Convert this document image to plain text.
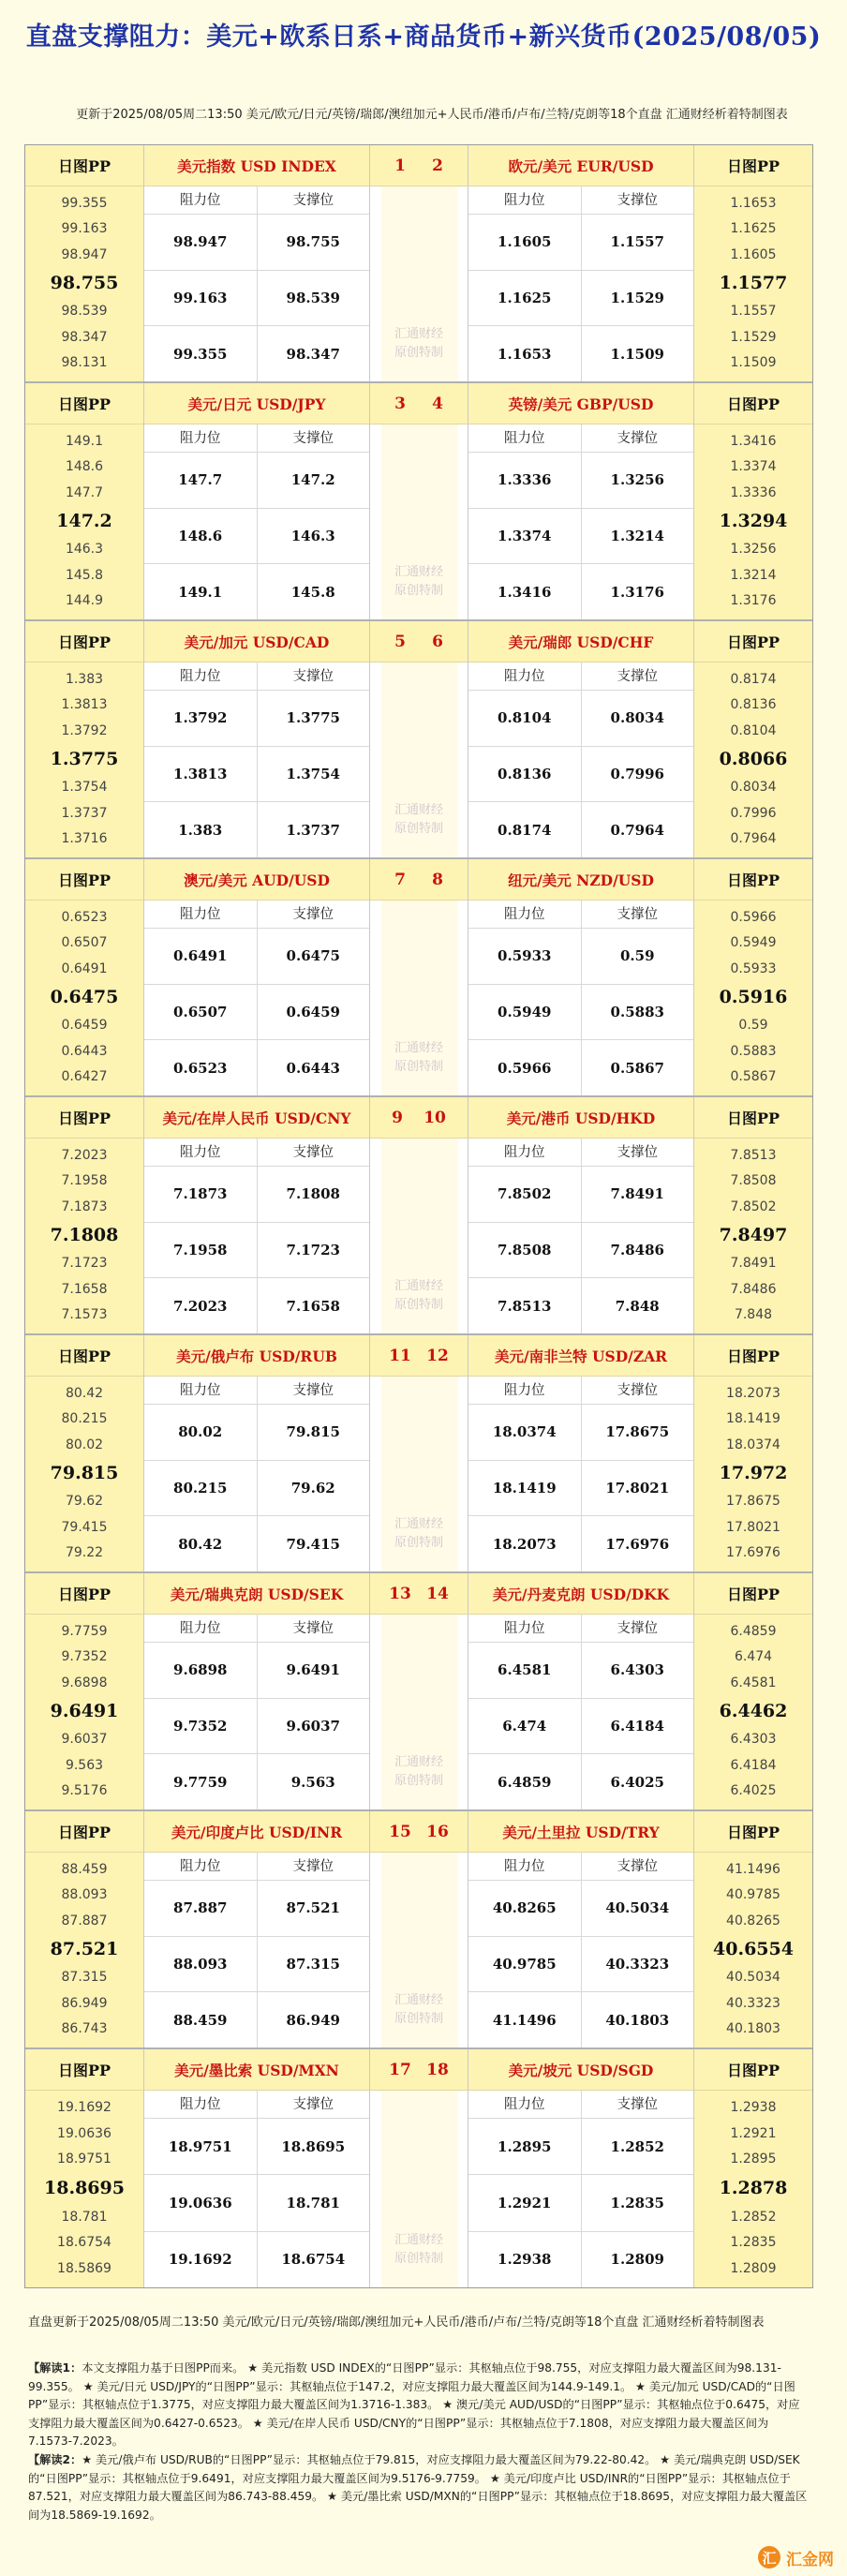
直盘支撑阻力：美元+欧系日系+商品货币+新兴货币(2025/08/05)
更新于2025/08/05周二13:50 美元/欧元/日元/英镑/瑞郎/澳纽加元+人民币/港币/卢布/兰特/克朗等18个直盘 汇通财经析着特制图表
日图PP
99.355
99.163
98.947
98.755
98.539
98.347
98.131
美元指数 USD INDEX
阻力位	支撑位
98.947	98.755
99.163	98.539
99.355	98.347
1 2
汇通财经
原创特制
欧元/美元 EUR/USD
阻力位	支撑位
1.1605	1.1557
1.1625	1.1529
1.1653	1.1509
日图PP
1.1653
1.1625
1.1605
1.1577
1.1557
1.1529
1.1509
日图PP
149.1
148.6
147.7
147.2
146.3
145.8
144.9
美元/日元 USD/JPY
阻力位	支撑位
147.7	147.2
148.6	146.3
149.1	145.8
3 4
汇通财经
原创特制
英镑/美元 GBP/USD
阻力位	支撑位
1.3336	1.3256
1.3374	1.3214
1.3416	1.3176
日图PP
1.3416
1.3374
1.3336
1.3294
1.3256
1.3214
1.3176
日图PP
1.383
1.3813
1.3792
1.3775
1.3754
1.3737
1.3716
美元/加元 USD/CAD
阻力位	支撑位
1.3792	1.3775
1.3813	1.3754
1.383	1.3737
5 6
汇通财经
原创特制
美元/瑞郎 USD/CHF
阻力位	支撑位
0.8104	0.8034
0.8136	0.7996
0.8174	0.7964
日图PP
0.8174
0.8136
0.8104
0.8066
0.8034
0.7996
0.7964
日图PP
0.6523
0.6507
0.6491
0.6475
0.6459
0.6443
0.6427
澳元/美元 AUD/USD
阻力位	支撑位
0.6491	0.6475
0.6507	0.6459
0.6523	0.6443
7 8
汇通财经
原创特制
纽元/美元 NZD/USD
阻力位	支撑位
0.5933	0.59
0.5949	0.5883
0.5966	0.5867
日图PP
0.5966
0.5949
0.5933
0.5916
0.59
0.5883
0.5867
日图PP
7.2023
7.1958
7.1873
7.1808
7.1723
7.1658
7.1573
美元/在岸人民币 USD/CNY
阻力位	支撑位
7.1873	7.1808
7.1958	7.1723
7.2023	7.1658
9 10
汇通财经
原创特制
美元/港币 USD/HKD
阻力位	支撑位
7.8502	7.8491
7.8508	7.8486
7.8513	7.848
日图PP
7.8513
7.8508
7.8502
7.8497
7.8491
7.8486
7.848
日图PP
80.42
80.215
80.02
79.815
79.62
79.415
79.22
美元/俄卢布 USD/RUB
阻力位	支撑位
80.02	79.815
80.215	79.62
80.42	79.415
11 12
汇通财经
原创特制
美元/南非兰特 USD/ZAR
阻力位	支撑位
18.0374	17.8675
18.1419	17.8021
18.2073	17.6976
日图PP
18.2073
18.1419
18.0374
17.972
17.8675
17.8021
17.6976
日图PP
9.7759
9.7352
9.6898
9.6491
9.6037
9.563
9.5176
美元/瑞典克朗 USD/SEK
阻力位	支撑位
9.6898	9.6491
9.7352	9.6037
9.7759	9.563
13 14
汇通财经
原创特制
美元/丹麦克朗 USD/DKK
阻力位	支撑位
6.4581	6.4303
6.474	6.4184
6.4859	6.4025
日图PP
6.4859
6.474
6.4581
6.4462
6.4303
6.4184
6.4025
日图PP
88.459
88.093
87.887
87.521
87.315
86.949
86.743
美元/印度卢比 USD/INR
阻力位	支撑位
87.887	87.521
88.093	87.315
88.459	86.949
15 16
汇通财经
原创特制
美元/土里拉 USD/TRY
阻力位	支撑位
40.8265	40.5034
40.9785	40.3323
41.1496	40.1803
日图PP
41.1496
40.9785
40.8265
40.6554
40.5034
40.3323
40.1803
日图PP
19.1692
19.0636
18.9751
18.8695
18.781
18.6754
18.5869
美元/墨比索 USD/MXN
阻力位	支撑位
18.9751	18.8695
19.0636	18.781
19.1692	18.6754
17 18
汇通财经
原创特制
美元/坡元 USD/SGD
阻力位	支撑位
1.2895	1.2852
1.2921	1.2835
1.2938	1.2809
日图PP
1.2938
1.2921
1.2895
1.2878
1.2852
1.2835
1.2809
直盘更新于2025/08/05周二13:50 美元/欧元/日元/英镑/瑞郎/澳纽加元+人民币/港币/卢布/兰特/克朗等18个直盘 汇通财经析着特制图表
【解读1：本文支撑阻力基于日图PP而来。 ★ 美元指数 USD INDEX的“日图PP”显示：其枢轴点位于98.755，对应支撑阻力最大覆盖区间为98.131-99.355。 ★ 美元/日元 USD/JPY的“日图PP”显示：其枢轴点位于147.2，对应支撑阻力最大覆盖区间为144.9-149.1。 ★ 美元/加元 USD/CAD的“日图PP”显示：其枢轴点位于1.3775，对应支撑阻力最大覆盖区间为1.3716-1.383。 ★ 澳元/美元 AUD/USD的“日图PP”显示：其枢轴点位于0.6475，对应支撑阻力最大覆盖区间为0.6427-0.6523。 ★ 美元/在岸人民币 USD/CNY的“日图PP”显示：其枢轴点位于7.1808，对应支撑阻力最大覆盖区间为7.1573-7.2023。
【解读2：★ 美元/俄卢布 USD/RUB的“日图PP”显示：其枢轴点位于79.815，对应支撑阻力最大覆盖区间为79.22-80.42。 ★ 美元/瑞典克朗 USD/SEK的“日图PP”显示：其枢轴点位于9.6491，对应支撑阻力最大覆盖区间为9.5176-9.7759。 ★ 美元/印度卢比 USD/INR的“日图PP”显示：其枢轴点位于87.521，对应支撑阻力最大覆盖区间为86.743-88.459。 ★ 美元/墨比索 USD/MXN的“日图PP”显示：其枢轴点位于18.8695，对应支撑阻力最大覆盖区间为18.5869-19.1692。
汇 汇金网
